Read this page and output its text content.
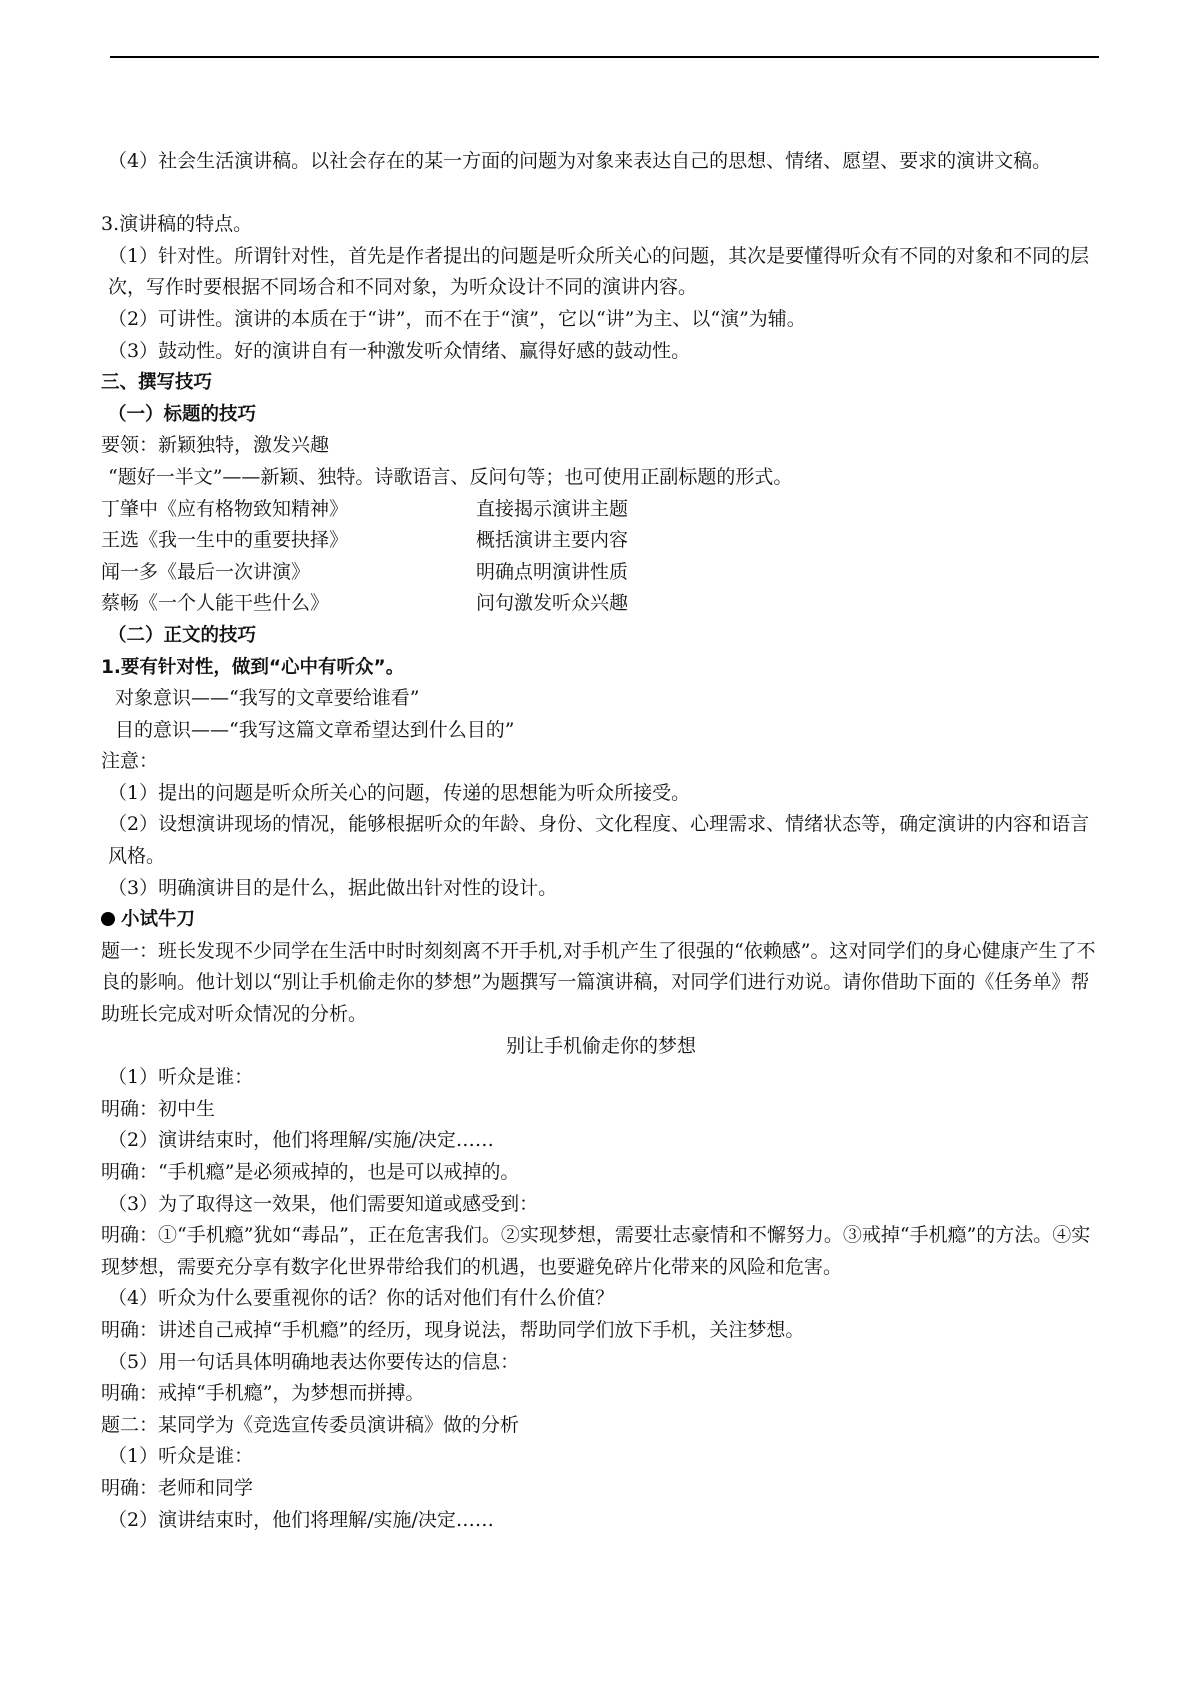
（4）社会生活演讲稿。以社会存在的某一方面的问题为对象来表达自己的思想、情绪、愿望、要求的演讲文稿。
3.演讲稿的特点。
（1）针对性。所谓针对性，首先是作者提出的问题是听众所关心的问题，其次是要懂得听众有不同的对象和不同的层次，写作时要根据不同场合和不同对象，为听众设计不同的演讲内容。
（2）可讲性。演讲的本质在于“讲”，而不在于“演”，它以“讲”为主、以“演”为辅。
（3）鼓动性。好的演讲自有一种激发听众情绪、赢得好感的鼓动性。
三、撰写技巧
（一）标题的技巧
要领：新颖独特，激发兴趣
“题好一半文”——新颖、独特。诗歌语言、反问句等；也可使用正副标题的形式。
丁肇中《应有格物致知精神》	直接揭示演讲主题
王选《我一生中的重要抉择》	概括演讲主要内容
闻一多《最后一次讲演》	明确点明演讲性质
蔡畅《一个人能干些什么》	问句激发听众兴趣
（二）正文的技巧
1.要有针对性，做到“心中有听众”。
对象意识——“我写的文章要给谁看”
目的意识——“我写这篇文章希望达到什么目的”
注意：
（1）提出的问题是听众所关心的问题，传递的思想能为听众所接受。
（2）设想演讲现场的情况，能够根据听众的年龄、身份、文化程度、心理需求、情绪状态等，确定演讲的内容和语言风格。
（3）明确演讲目的是什么，据此做出针对性的设计。
小试牛刀
题一：班长发现不少同学在生活中时时刻刻离不开手机,对手机产生了很强的“依赖感”。这对同学们的身心健康产生了不良的影响。他计划以“别让手机偷走你的梦想”为题撰写一篇演讲稿，对同学们进行劝说。请你借助下面的《任务单》帮助班长完成对听众情况的分析。
别让手机偷走你的梦想
（1）听众是谁：
明确：初中生
（2）演讲结束时，他们将理解/实施/决定……
明确：“手机瘾”是必须戒掉的，也是可以戒掉的。
（3）为了取得这一效果，他们需要知道或感受到：
明确：①“手机瘾”犹如“毒品”，正在危害我们。②实现梦想，需要壮志豪情和不懈努力。③戒掉“手机瘾”的方法。④实现梦想，需要充分享有数字化世界带给我们的机遇，也要避免碎片化带来的风险和危害。
（4）听众为什么要重视你的话？你的话对他们有什么价值？
明确：讲述自己戒掉“手机瘾”的经历，现身说法，帮助同学们放下手机，关注梦想。
（5）用一句话具体明确地表达你要传达的信息：
明确：戒掉“手机瘾”，为梦想而拼搏。
题二：某同学为《竞选宣传委员演讲稿》做的分析
（1）听众是谁：
明确：老师和同学
（2）演讲结束时，他们将理解/实施/决定……
